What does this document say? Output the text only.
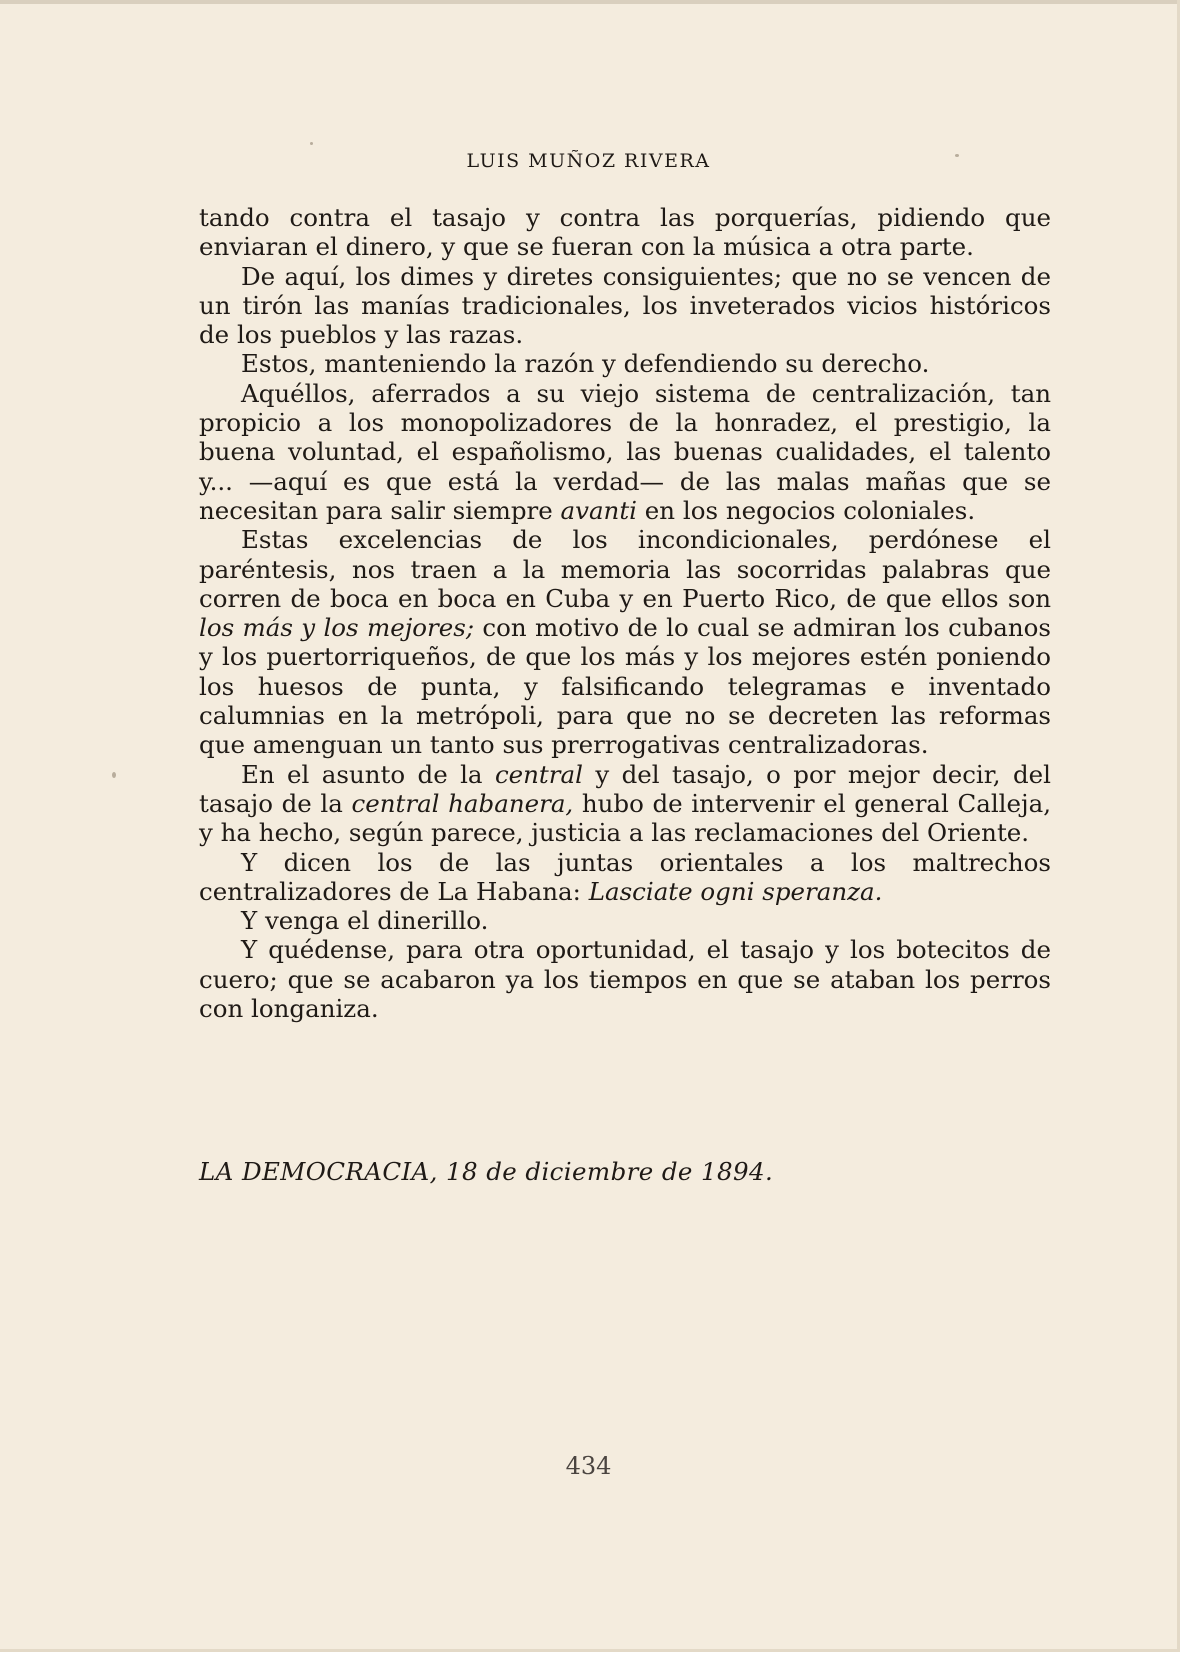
LUIS MUÑOZ RIVERA

tando contra el tasajo y contra las porquerías, pidiendo que enviaran el dinero, y que se fueran con la música a otra parte.

De aquí, los dimes y diretes consiguientes; que no se vencen de un tirón las manías tradicionales, los inveterados vicios históricos de los pueblos y las razas.

Estos, manteniendo la razón y defendiendo su derecho.

Aquéllos, aferrados a su viejo sistema de centralización, tan propicio a los monopolizadores de la honradez, el prestigio, la buena voluntad, el españolismo, las buenas cualidades, el talento y... —aquí es que está la verdad— de las malas mañas que se necesitan para salir siempre avanti en los negocios coloniales.

Estas excelencias de los incondicionales, perdónese el paréntesis, nos traen a la memoria las socorridas palabras que corren de boca en boca en Cuba y en Puerto Rico, de que ellos son los más y los mejores; con motivo de lo cual se admiran los cubanos y los puertorriqueños, de que los más y los mejores estén poniendo los huesos de punta, y falsificando telegramas e inventado calumnias en la metrópoli, para que no se decreten las reformas que amenguan un tanto sus prerrogativas centralizadoras.

En el asunto de la central y del tasajo, o por mejor decir, del tasajo de la central habanera, hubo de intervenir el general Calleja, y ha hecho, según parece, justicia a las reclamaciones del Oriente.

Y dicen los de las juntas orientales a los maltrechos centralizadores de La Habana: Lasciate ogni speranza.

Y venga el dinerillo.

Y quédense, para otra oportunidad, el tasajo y los botecitos de cuero; que se acabaron ya los tiempos en que se ataban los perros con longaniza.

LA DEMOCRACIA, 18 de diciembre de 1894.
434
